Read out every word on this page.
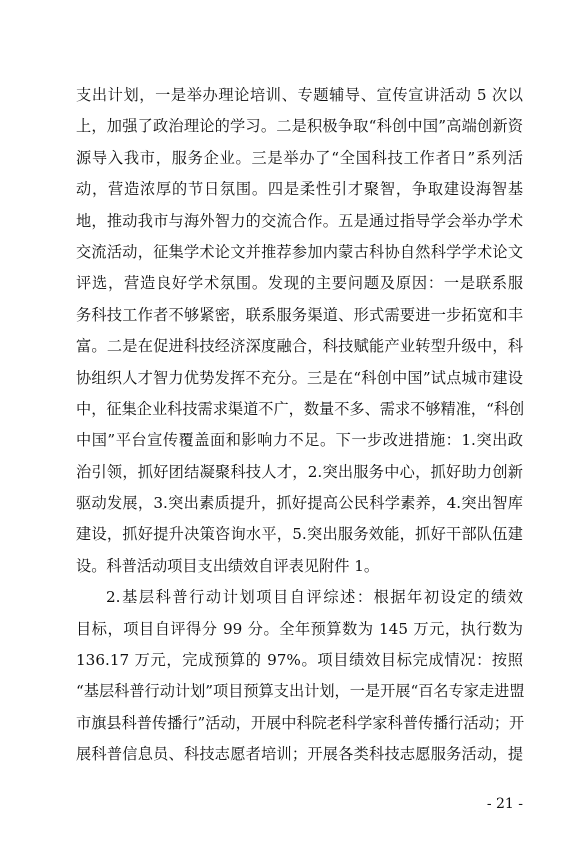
支出计划，一是举办理论培训、专题辅导、宣传宣讲活动 5 次以
上，加强了政治理论的学习。二是积极争取“科创中国”高端创新资
源导入我市，服务企业。三是举办了“全国科技工作者日”系列活
动，营造浓厚的节日氛围。四是柔性引才聚智，争取建设海智基
地，推动我市与海外智力的交流合作。五是通过指导学会举办学术
交流活动，征集学术论文并推荐参加内蒙古科协自然科学学术论文
评选，营造良好学术氛围。发现的主要问题及原因：一是联系服
务科技工作者不够紧密，联系服务渠道、形式需要进一步拓宽和丰
富。二是在促进科技经济深度融合，科技赋能产业转型升级中，科
协组织人才智力优势发挥不充分。三是在“科创中国”试点城市建设
中，征集企业科技需求渠道不广，数量不多、需求不够精准，“科创
中国”平台宣传覆盖面和影响力不足。下一步改进措施：1.突出政
治引领，抓好团结凝聚科技人才，2.突出服务中心，抓好助力创新
驱动发展，3.突出素质提升，抓好提高公民科学素养，4.突出智库
建设，抓好提升决策咨询水平，5.突出服务效能，抓好干部队伍建
设。科普活动项目支出绩效自评表见附件 1。
2.基层科普行动计划项目自评综述：根据年初设定的绩效
目标，项目自评得分 99 分。全年预算数为 145 万元，执行数为
136.17 万元，完成预算的 97%。项目绩效目标完成情况：按照
“基层科普行动计划”项目预算支出计划，一是开展“百名专家走进盟
市旗县科普传播行”活动，开展中科院老科学家科普传播行活动；开
展科普信息员、科技志愿者培训；开展各类科技志愿服务活动，提
- 21 -
